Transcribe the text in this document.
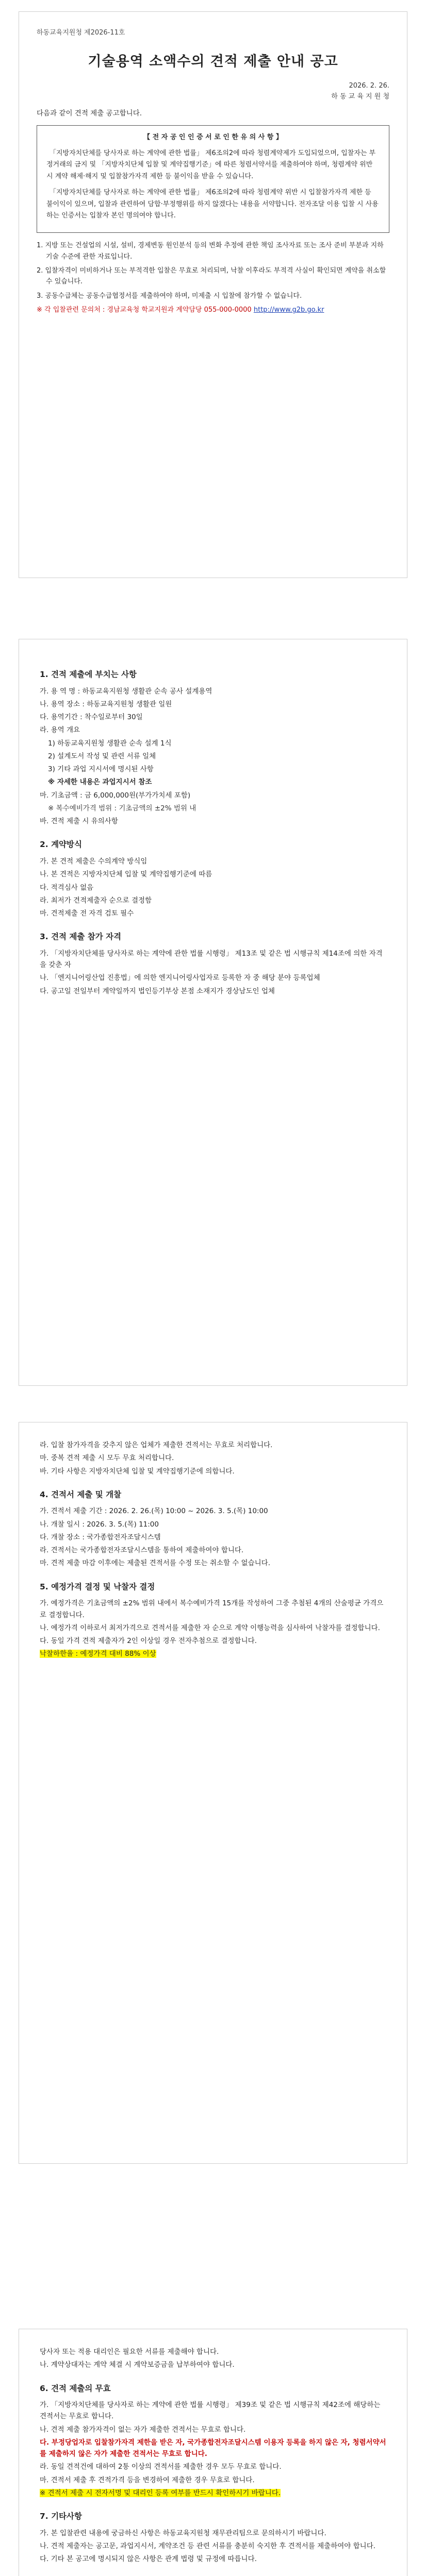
하동교육지원청 제2026-11호
기술용역 소액수의 견적 제출 안내 공고
2026. 2. 26.
하 동 교 육 지 원 청
다음과 같이 견적 제출 공고합니다.
【 전 자 공 인 인 증 서 로 인 한 유 의 사 항 】

「지방자치단체를 당사자로 하는 계약에 관한 법률」 제6조의2에 따라 청렴계약제가 도입되었으며, 입찰자는 부정거래의 금지 및 「지방자치단체 입찰 및 계약집행기준」에 따른 청렴서약서를 제출하여야 하며, 청렴계약 위반 시 계약 해제·해지 및 입찰참가자격 제한 등 불이익을 받을 수 있습니다.

「지방자치단체를 당사자로 하는 계약에 관한 법률」 제6조의2에 따라 청렴계약 위반 시 입찰참가자격 제한 등 불이익이 있으며, 입찰과 관련하여 담합·부정행위를 하지 않겠다는 내용을 서약합니다. 전자조달 이용 입찰 시 사용하는 인증서는 입찰자 본인 명의여야 합니다.

1. 지방 또는 건설업의 시설, 설비, 경제변동 원인분석 등의 변화 추정에 관한 책임 조사자료 또는 조사 준비 부분과 지하 기술 수준에 관한 자료입니다.
2. 입찰자격이 미비하거나 또는 부적격한 입찰은 무효로 처리되며, 낙찰 이후라도 부적격 사실이 확인되면 계약을 취소할 수 있습니다.
3. 공동수급체는 공동수급협정서를 제출하여야 하며, 미제출 시 입찰에 참가할 수 없습니다.
※ 각 입찰관련 문의처 : 경남교육청 학교지원과 계약담당 055-000-0000 http://www.g2b.go.kr
1. 견적 제출에 부치는 사항

가. 용 역 명 : 하동교육지원청 생활관 순속 공사 설계용역

나. 용역 장소 : 하동교육지원청 생활관 일원

다. 용역기간 : 착수일로부터 30일

라. 용역 개요

1) 하동교육지원청 생활관 순속 설계 1식

2) 설계도서 작성 및 관련 서류 일체

3) 기타 과업 지시서에 명시된 사항

※ 자세한 내용은 과업지시서 참조

마. 기초금액 : 금 6,000,000원(부가가치세 포함)

※ 복수예비가격 범위 : 기초금액의 ±2% 범위 내

바. 견적 제출 시 유의사항

2. 계약방식

가. 본 견적 제출은 수의계약 방식임

나. 본 견적은 지방자치단체 입찰 및 계약집행기준에 따름

다. 적격심사 없음

라. 최저가 견적제출자 순으로 결정함

마. 견적제출 전 자격 검토 필수

3. 견적 제출 참가 자격

가. 「지방자치단체를 당사자로 하는 계약에 관한 법률 시행령」 제13조 및 같은 법 시행규칙 제14조에 의한 자격을 갖춘 자

나. 「엔지니어링산업 진흥법」에 의한 엔지니어링사업자로 등록한 자 중 해당 분야 등록업체

다. 공고일 전일부터 계약일까지 법인등기부상 본점 소재지가 경상남도인 업체

라. 입찰 참가자격을 갖추지 않은 업체가 제출한 견적서는 무효로 처리합니다.

마. 중복 견적 제출 시 모두 무효 처리합니다.

바. 기타 사항은 지방자치단체 입찰 및 계약집행기준에 의합니다.

4. 견적서 제출 및 개찰

가. 견적서 제출 기간 : 2026. 2. 26.(목) 10:00 ~ 2026. 3. 5.(목) 10:00

나. 개찰 일시 : 2026. 3. 5.(목) 11:00

다. 개찰 장소 : 국가종합전자조달시스템

라. 견적서는 국가종합전자조달시스템을 통하여 제출하여야 합니다.

마. 견적 제출 마감 이후에는 제출된 견적서를 수정 또는 취소할 수 없습니다.

5. 예정가격 결정 및 낙찰자 결정

가. 예정가격은 기초금액의 ±2% 범위 내에서 복수예비가격 15개를 작성하여 그중 추첨된 4개의 산술평균 가격으로 결정합니다.

나. 예정가격 이하로서 최저가격으로 견적서를 제출한 자 순으로 계약 이행능력을 심사하여 낙찰자를 결정합니다.

다. 동일 가격 견적 제출자가 2인 이상일 경우 전자추첨으로 결정합니다.

낙찰하한율 : 예정가격 대비 88% 이상

당사자 또는 적용 대리인은 필요한 서류를 제출해야 합니다.

나. 계약상대자는 계약 체결 시 계약보증금을 납부하여야 합니다.

6. 견적 제출의 무효

가. 「지방자치단체를 당사자로 하는 계약에 관한 법률 시행령」 제39조 및 같은 법 시행규칙 제42조에 해당하는 견적서는 무효로 합니다.

나. 견적 제출 참가자격이 없는 자가 제출한 견적서는 무효로 합니다.

다. 부정당업자로 입찰참가자격 제한을 받은 자, 국가종합전자조달시스템 이용자 등록을 하지 않은 자, 청렴서약서를 제출하지 않은 자가 제출한 견적서는 무효로 합니다.

라. 동일 견적건에 대하여 2통 이상의 견적서를 제출한 경우 모두 무효로 합니다.

마. 견적서 제출 후 견적가격 등을 변경하여 제출한 경우 무효로 합니다.

※ 견적서 제출 시 전자서명 및 대리인 등록 여부를 반드시 확인하시기 바랍니다.

7. 기타사항

가. 본 입찰관련 내용에 궁금하신 사항은 하동교육지원청 재무관리팀으로 문의하시기 바랍니다.

나. 견적 제출자는 공고문, 과업지시서, 계약조건 등 관련 서류를 충분히 숙지한 후 견적서를 제출하여야 합니다.

다. 기타 본 공고에 명시되지 않은 사항은 관계 법령 및 규정에 따릅니다.
